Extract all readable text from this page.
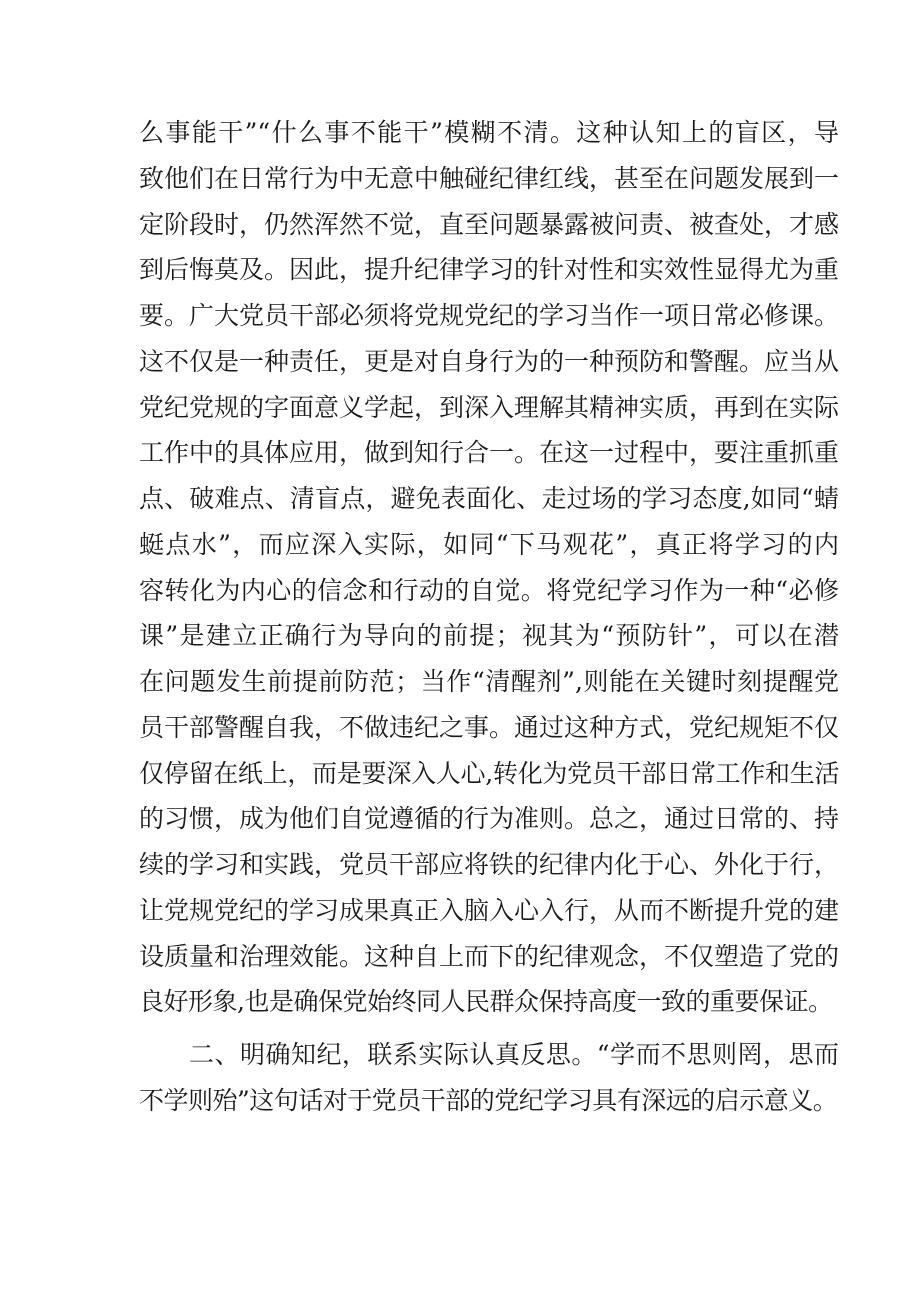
么事能干”“什么事不能干”模糊不清。这种认知上的盲区，导
致他们在日常行为中无意中触碰纪律红线，甚至在问题发展到一
定阶段时，仍然浑然不觉，直至问题暴露被问责、被查处，才感
到后悔莫及。因此，提升纪律学习的针对性和实效性显得尤为重
要。广大党员干部必须将党规党纪的学习当作一项日常必修课。
这不仅是一种责任，更是对自身行为的一种预防和警醒。应当从
党纪党规的字面意义学起，到深入理解其精神实质，再到在实际
工作中的具体应用，做到知行合一。在这一过程中，要注重抓重
点、破难点、清盲点，避免表面化、走过场的学习态度,如同“蜻
蜓点水”，而应深入实际，如同“下马观花”，真正将学习的内
容转化为内心的信念和行动的自觉。将党纪学习作为一种“必修
课”是建立正确行为导向的前提；视其为“预防针”，可以在潜
在问题发生前提前防范；当作“清醒剂”,则能在关键时刻提醒党
员干部警醒自我，不做违纪之事。通过这种方式，党纪规矩不仅
仅停留在纸上，而是要深入人心,转化为党员干部日常工作和生活
的习惯，成为他们自觉遵循的行为准则。总之，通过日常的、持
续的学习和实践，党员干部应将铁的纪律内化于心、外化于行，
让党规党纪的学习成果真正入脑入心入行，从而不断提升党的建
设质量和治理效能。这种自上而下的纪律观念，不仅塑造了党的
良好形象,也是确保党始终同人民群众保持高度一致的重要保证。
二、明确知纪，联系实际认真反思。“学而不思则罔，思而
不学则殆”这句话对于党员干部的党纪学习具有深远的启示意义。
